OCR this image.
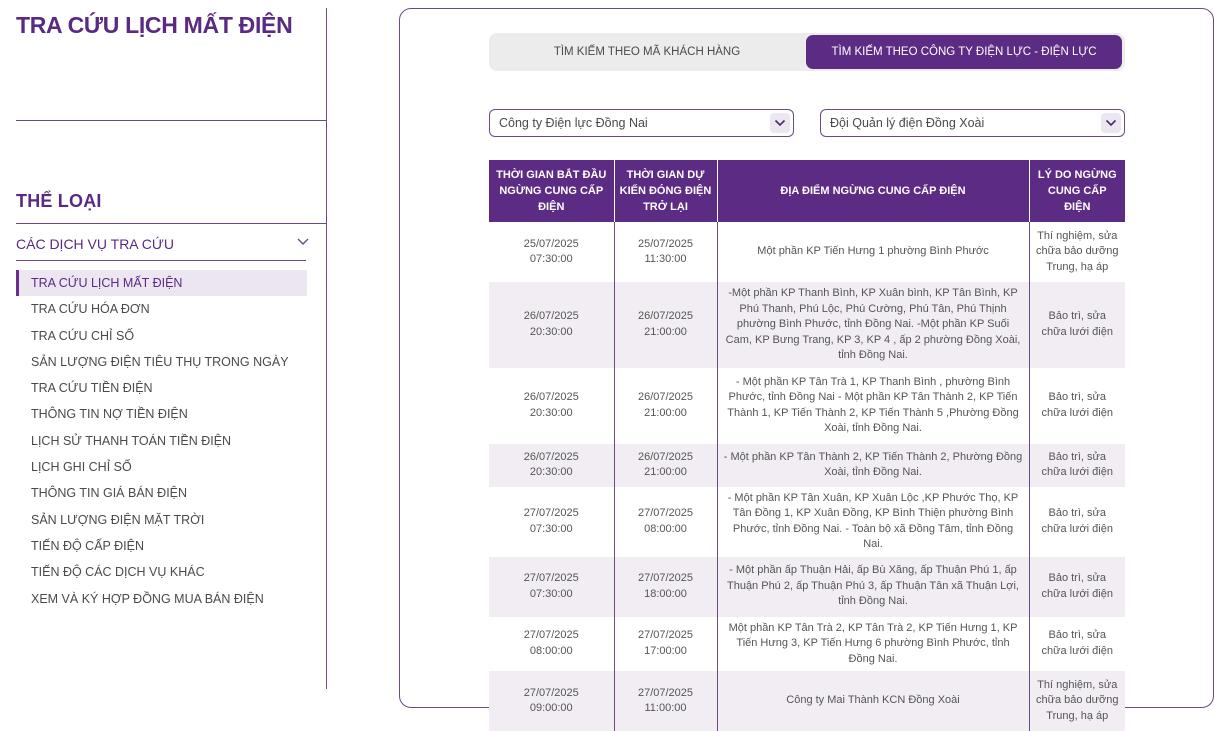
TRA CỨU LỊCH MẤT ĐIỆN
THỂ LOẠI
CÁC DỊCH VỤ TRA CỨU
TRA CỨU LỊCH MẤT ĐIỆN
TRA CỨU HÓA ĐƠN
TRA CỨU CHỈ SỐ
SẢN LƯỢNG ĐIỆN TIÊU THỤ TRONG NGÀY
TRA CỨU TIỀN ĐIỆN
THÔNG TIN NỢ TIỀN ĐIỆN
LỊCH SỬ THANH TOÁN TIỀN ĐIỆN
LỊCH GHI CHỈ SỐ
THÔNG TIN GIÁ BÁN ĐIỆN
SẢN LƯỢNG ĐIỆN MẶT TRỜI
TIẾN ĐỘ CẤP ĐIỆN
TIẾN ĐỘ CÁC DỊCH VỤ KHÁC
XEM VÀ KÝ HỢP ĐỒNG MUA BÁN ĐIỆN
TÌM KIẾM THEO MÃ KHÁCH HÀNG	TÌM KIẾM THEO CÔNG TY ĐIỆN LỰC - ĐIỆN LỰC
Công ty Điện lực Đồng Nai	Đội Quản lý điện Đồng Xoài
THỜI GIAN BẮT ĐẦU NGỪNG CUNG CẤP ĐIỆN	THỜI GIAN DỰ KIẾN ĐÓNG ĐIỆN TRỞ LẠI	ĐỊA ĐIỂM NGỪNG CUNG CẤP ĐIỆN	LÝ DO NGỪNG CUNG CẤP ĐIỆN
25/07/2025 07:30:00	25/07/2025 11:30:00	Một phần KP Tiến Hưng 1 phường Bình Phước	Thí nghiệm, sửa chữa bảo dưỡng Trung, hạ áp
26/07/2025 20:30:00	26/07/2025 21:00:00	-Một phần KP Thanh Bình, KP Xuân bình, KP Tân Bình, KP Phú Thanh, Phú Lộc, Phú Cường, Phú Tân, Phú Thịnh phường Bình Phước, tỉnh Đồng Nai. -Một phần KP Suối Cam, KP Bưng Trang, KP 3, KP 4 , ấp 2 phường Đồng Xoài, tỉnh Đồng Nai.	Bảo trì, sửa chữa lưới điện
26/07/2025 20:30:00	26/07/2025 21:00:00	- Một phần KP Tân Trà 1, KP Thanh Bình , phường Bình Phước, tỉnh Đồng Nai - Một phần KP Tân Thành 2, KP Tiến Thành 1, KP Tiến Thành 2, KP Tiến Thành 5 ,Phường Đồng Xoài, tỉnh Đồng Nai.	Bảo trì, sửa chữa lưới điện
26/07/2025 20:30:00	26/07/2025 21:00:00	- Một phần KP Tân Thành 2, KP Tiến Thành 2, Phường Đồng Xoài, tỉnh Đồng Nai.	Bảo trì, sửa chữa lưới điện
27/07/2025 07:30:00	27/07/2025 08:00:00	- Một phần KP Tân Xuân, KP Xuân Lộc ,KP Phước Thọ, KP Tân Đồng 1, KP Xuân Đồng, KP Bình Thiện phường Bình Phước, tỉnh Đồng Nai. - Toàn bộ xã Đồng Tâm, tỉnh Đồng Nai.	Bảo trì, sửa chữa lưới điện
27/07/2025 07:30:00	27/07/2025 18:00:00	- Một phần ấp Thuận Hải, ấp Bù Xăng, ấp Thuận Phú 1, ấp Thuận Phú 2, ấp Thuận Phú 3, ấp Thuận Tân xã Thuận Lợi, tỉnh Đồng Nai.	Bảo trì, sửa chữa lưới điện
27/07/2025 08:00:00	27/07/2025 17:00:00	Một phần KP Tân Trà 2, KP Tân Trà 2, KP Tiến Hưng 1, KP Tiến Hưng 3, KP Tiến Hưng 6 phường Bình Phước, tỉnh Đồng Nai.	Bảo trì, sửa chữa lưới điện
27/07/2025 09:00:00	27/07/2025 11:00:00	Công ty Mai Thành KCN Đồng Xoài	Thí nghiệm, sửa chữa bảo dưỡng Trung, hạ áp
